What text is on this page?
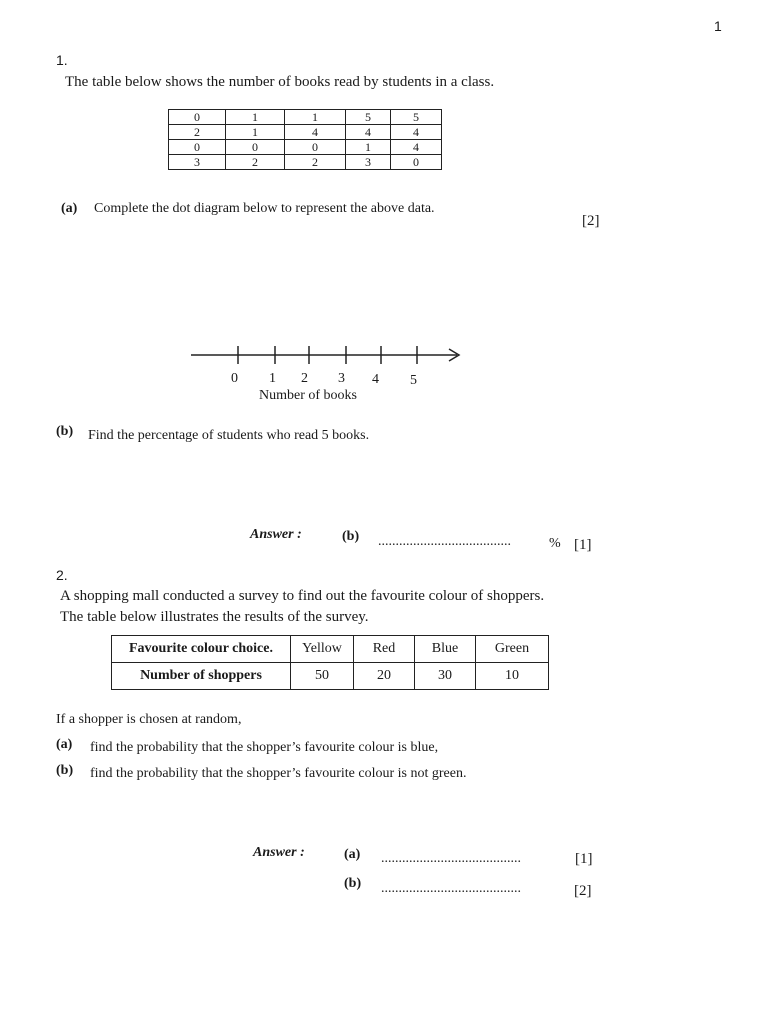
1
1.
The table below shows the number of books read by students in a class.
0	1	1	5	5
2	1	4	4	4
0	0	0	1	4
3	2	2	3	0
(a) Complete the dot diagram below to represent the above data.
[2]
0 1 2 3 4 5
Number of books
(b) Find the percentage of students who read 5 books.
Answer :	(b) ......................................	% [1]
2.
A shopping mall conducted a survey to find out the favourite colour of shoppers.
The table below illustrates the results of the survey.
Favourite colour choice.	Yellow	Red	Blue	Green
Number of shoppers	50	20	30	10
If a shopper is chosen at random,
(a) find the probability that the shopper’s favourite colour is blue,
(b) find the probability that the shopper’s favourite colour is not green.
Answer :	(a) ........................................	[1]
(b) ........................................	[2]
